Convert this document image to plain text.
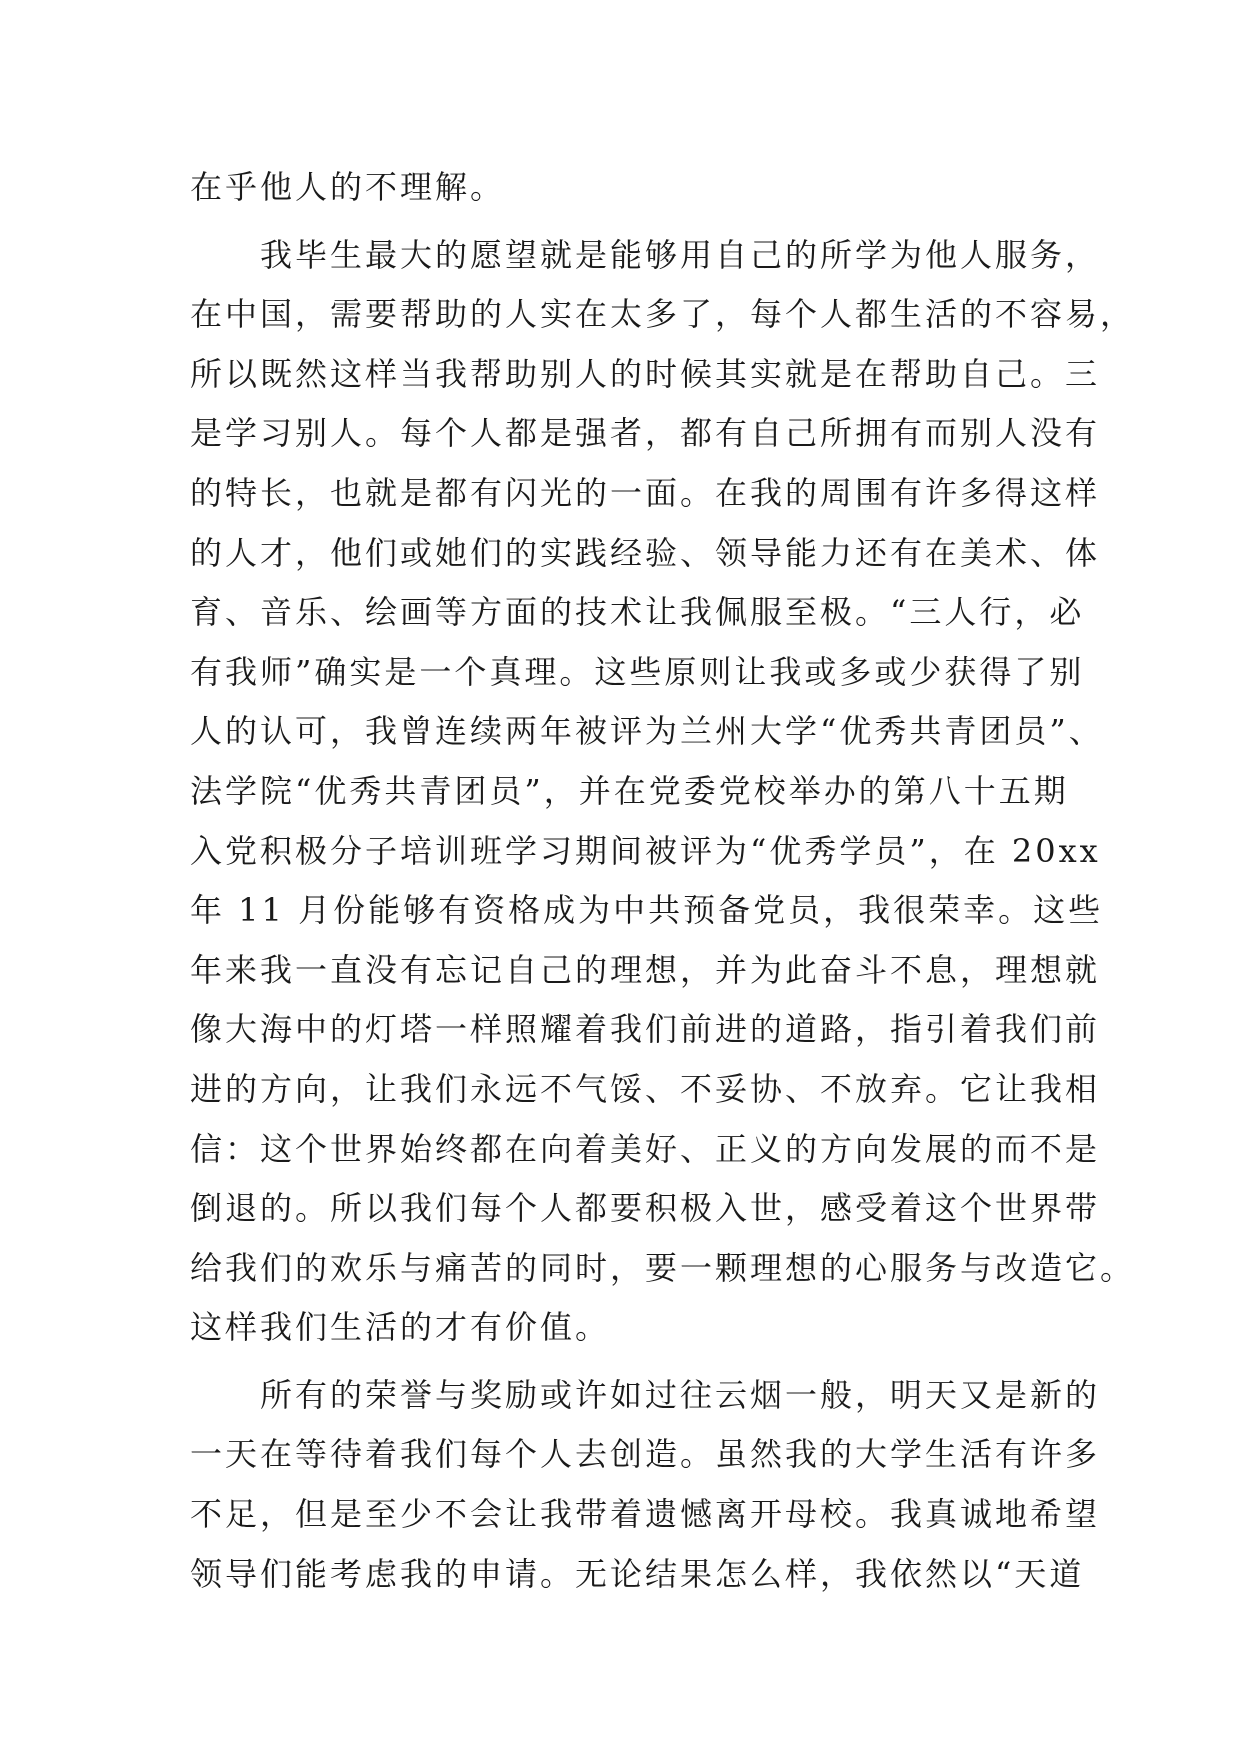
在乎他人的不理解。
　　我毕生最大的愿望就是能够用自己的所学为他人服务，
在中国，需要帮助的人实在太多了，每个人都生活的不容易，
所以既然这样当我帮助别人的时候其实就是在帮助自己。三
是学习别人。每个人都是强者，都有自己所拥有而别人没有
的特长，也就是都有闪光的一面。在我的周围有许多得这样
的人才，他们或她们的实践经验、领导能力还有在美术、体
育、音乐、绘画等方面的技术让我佩服至极。“三人行，必
有我师”确实是一个真理。这些原则让我或多或少获得了别
人的认可，我曾连续两年被评为兰州大学“优秀共青团员”、
法学院“优秀共青团员”，并在党委党校举办的第八十五期
入党积极分子培训班学习期间被评为“优秀学员”，在 20xx
年 11 月份能够有资格成为中共预备党员，我很荣幸。这些
年来我一直没有忘记自己的理想，并为此奋斗不息，理想就
像大海中的灯塔一样照耀着我们前进的道路，指引着我们前
进的方向，让我们永远不气馁、不妥协、不放弃。它让我相
信：这个世界始终都在向着美好、正义的方向发展的而不是
倒退的。所以我们每个人都要积极入世，感受着这个世界带
给我们的欢乐与痛苦的同时，要一颗理想的心服务与改造它。
这样我们生活的才有价值。
　　所有的荣誉与奖励或许如过往云烟一般，明天又是新的
一天在等待着我们每个人去创造。虽然我的大学生活有许多
不足，但是至少不会让我带着遗憾离开母校。我真诚地希望
领导们能考虑我的申请。无论结果怎么样，我依然以“天道
